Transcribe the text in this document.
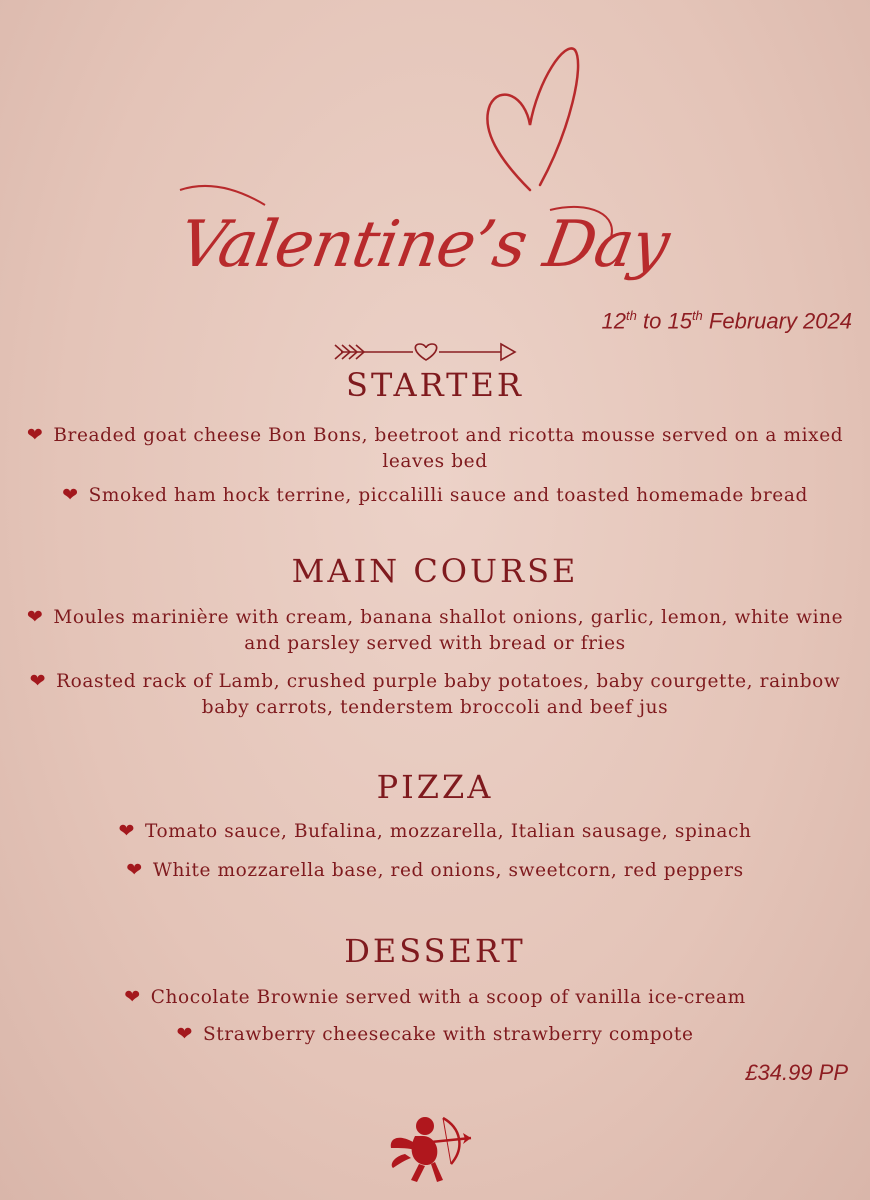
Valentine’s Day
12th to 15th February 2024
STARTER
❤ Breaded goat cheese Bon Bons, beetroot and ricotta mousse served on a mixed leaves bed
❤ Smoked ham hock terrine, piccalilli sauce and toasted homemade bread
MAIN COURSE
❤ Moules marinière with cream, banana shallot onions, garlic, lemon, white wine and parsley served with bread or fries
❤ Roasted rack of Lamb, crushed purple baby potatoes, baby courgette, rainbow baby carrots, tenderstem broccoli and beef jus
PIZZA
❤ Tomato sauce, Bufalina, mozzarella, Italian sausage, spinach
❤ White mozzarella base, red onions, sweetcorn, red peppers
DESSERT
❤ Chocolate Brownie served with a scoop of vanilla ice-cream
❤ Strawberry cheesecake with strawberry compote
£34.99 PP
